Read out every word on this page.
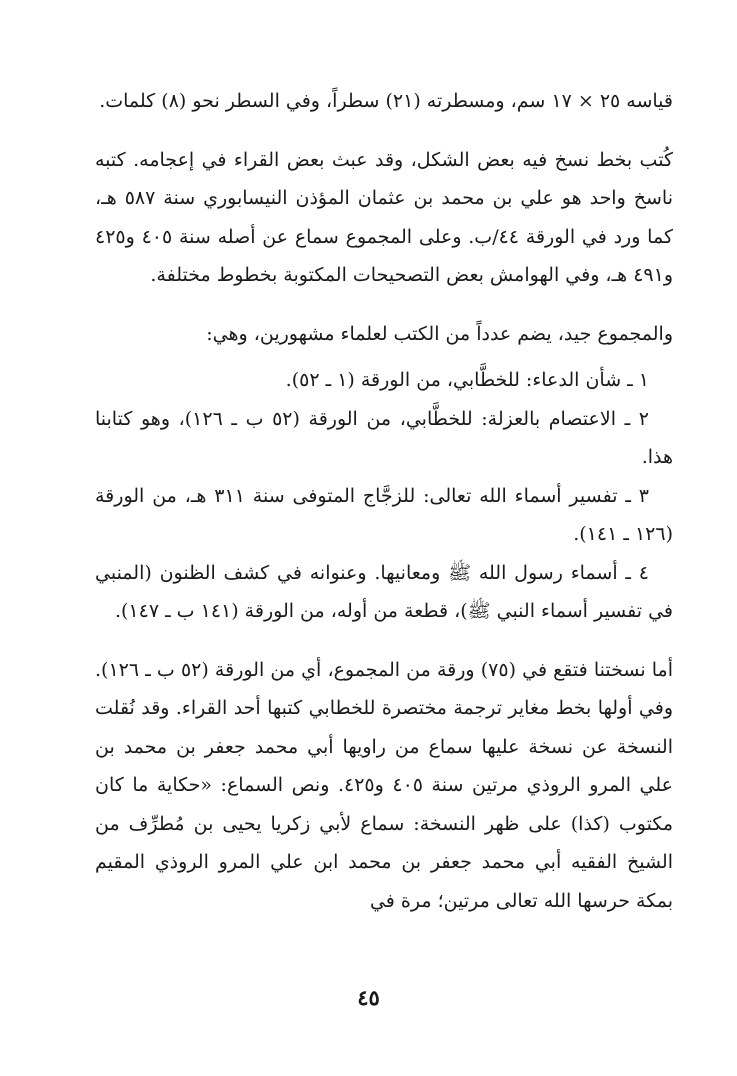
قياسه ٢٥ × ١٧ سم، ومسطرته (٢١) سطراً، وفي السطر نحو (٨) كلمات.

كُتب بخط نسخ فيه بعض الشكل، وقد عبث بعض القراء في إعجامه. كتبه ناسخ واحد هو علي بن محمد بن عثمان المؤذن النيسابوري سنة ٥٨٧ هـ، كما ورد في الورقة ٤٤/ب. وعلى المجموع سماع عن أصله سنة ٤٠٥ و٤٢٥ و٤٩١ هـ، وفي الهوامش بعض التصحيحات المكتوبة بخطوط مختلفة.

والمجموع جيد، يضم عدداً من الكتب لعلماء مشهورين، وهي:

١ ـ شأن الدعاء: للخطَّابي، من الورقة (١ ـ ٥٢).

٢ ـ الاعتصام بالعزلة: للخطَّابي، من الورقة (٥٢ ب ـ ١٢٦)، وهو كتابنا هذا.

٣ ـ تفسير أسماء الله تعالى: للزجَّاج المتوفى سنة ٣١١ هـ، من الورقة (١٢٦ ـ ١٤١).

٤ ـ أسماء رسول الله ﷺ ومعانيها. وعنوانه في كشف الظنون (المنبي في تفسير أسماء النبي ﷺ)، قطعة من أوله، من الورقة (١٤١ ب ـ ١٤٧).

أما نسختنا فتقع في (٧٥) ورقة من المجموع، أي من الورقة (٥٢ ب ـ ١٢٦). وفي أولها بخط مغاير ترجمة مختصرة للخطابي كتبها أحد القراء. وقد نُقلت النسخة عن نسخة عليها سماع من راويها أبي محمد جعفر بن محمد بن علي المرو الروذي مرتين سنة ٤٠٥ و٤٢٥. ونص السماع: «حكاية ما كان مكتوب (كذا) على ظهر النسخة: سماع لأبي زكريا يحيى بن مُطرِّف من الشيخ الفقيه أبي محمد جعفر بن محمد ابن علي المرو الروذي المقيم بمكة حرسها الله تعالى مرتين؛ مرة في

٤٥
